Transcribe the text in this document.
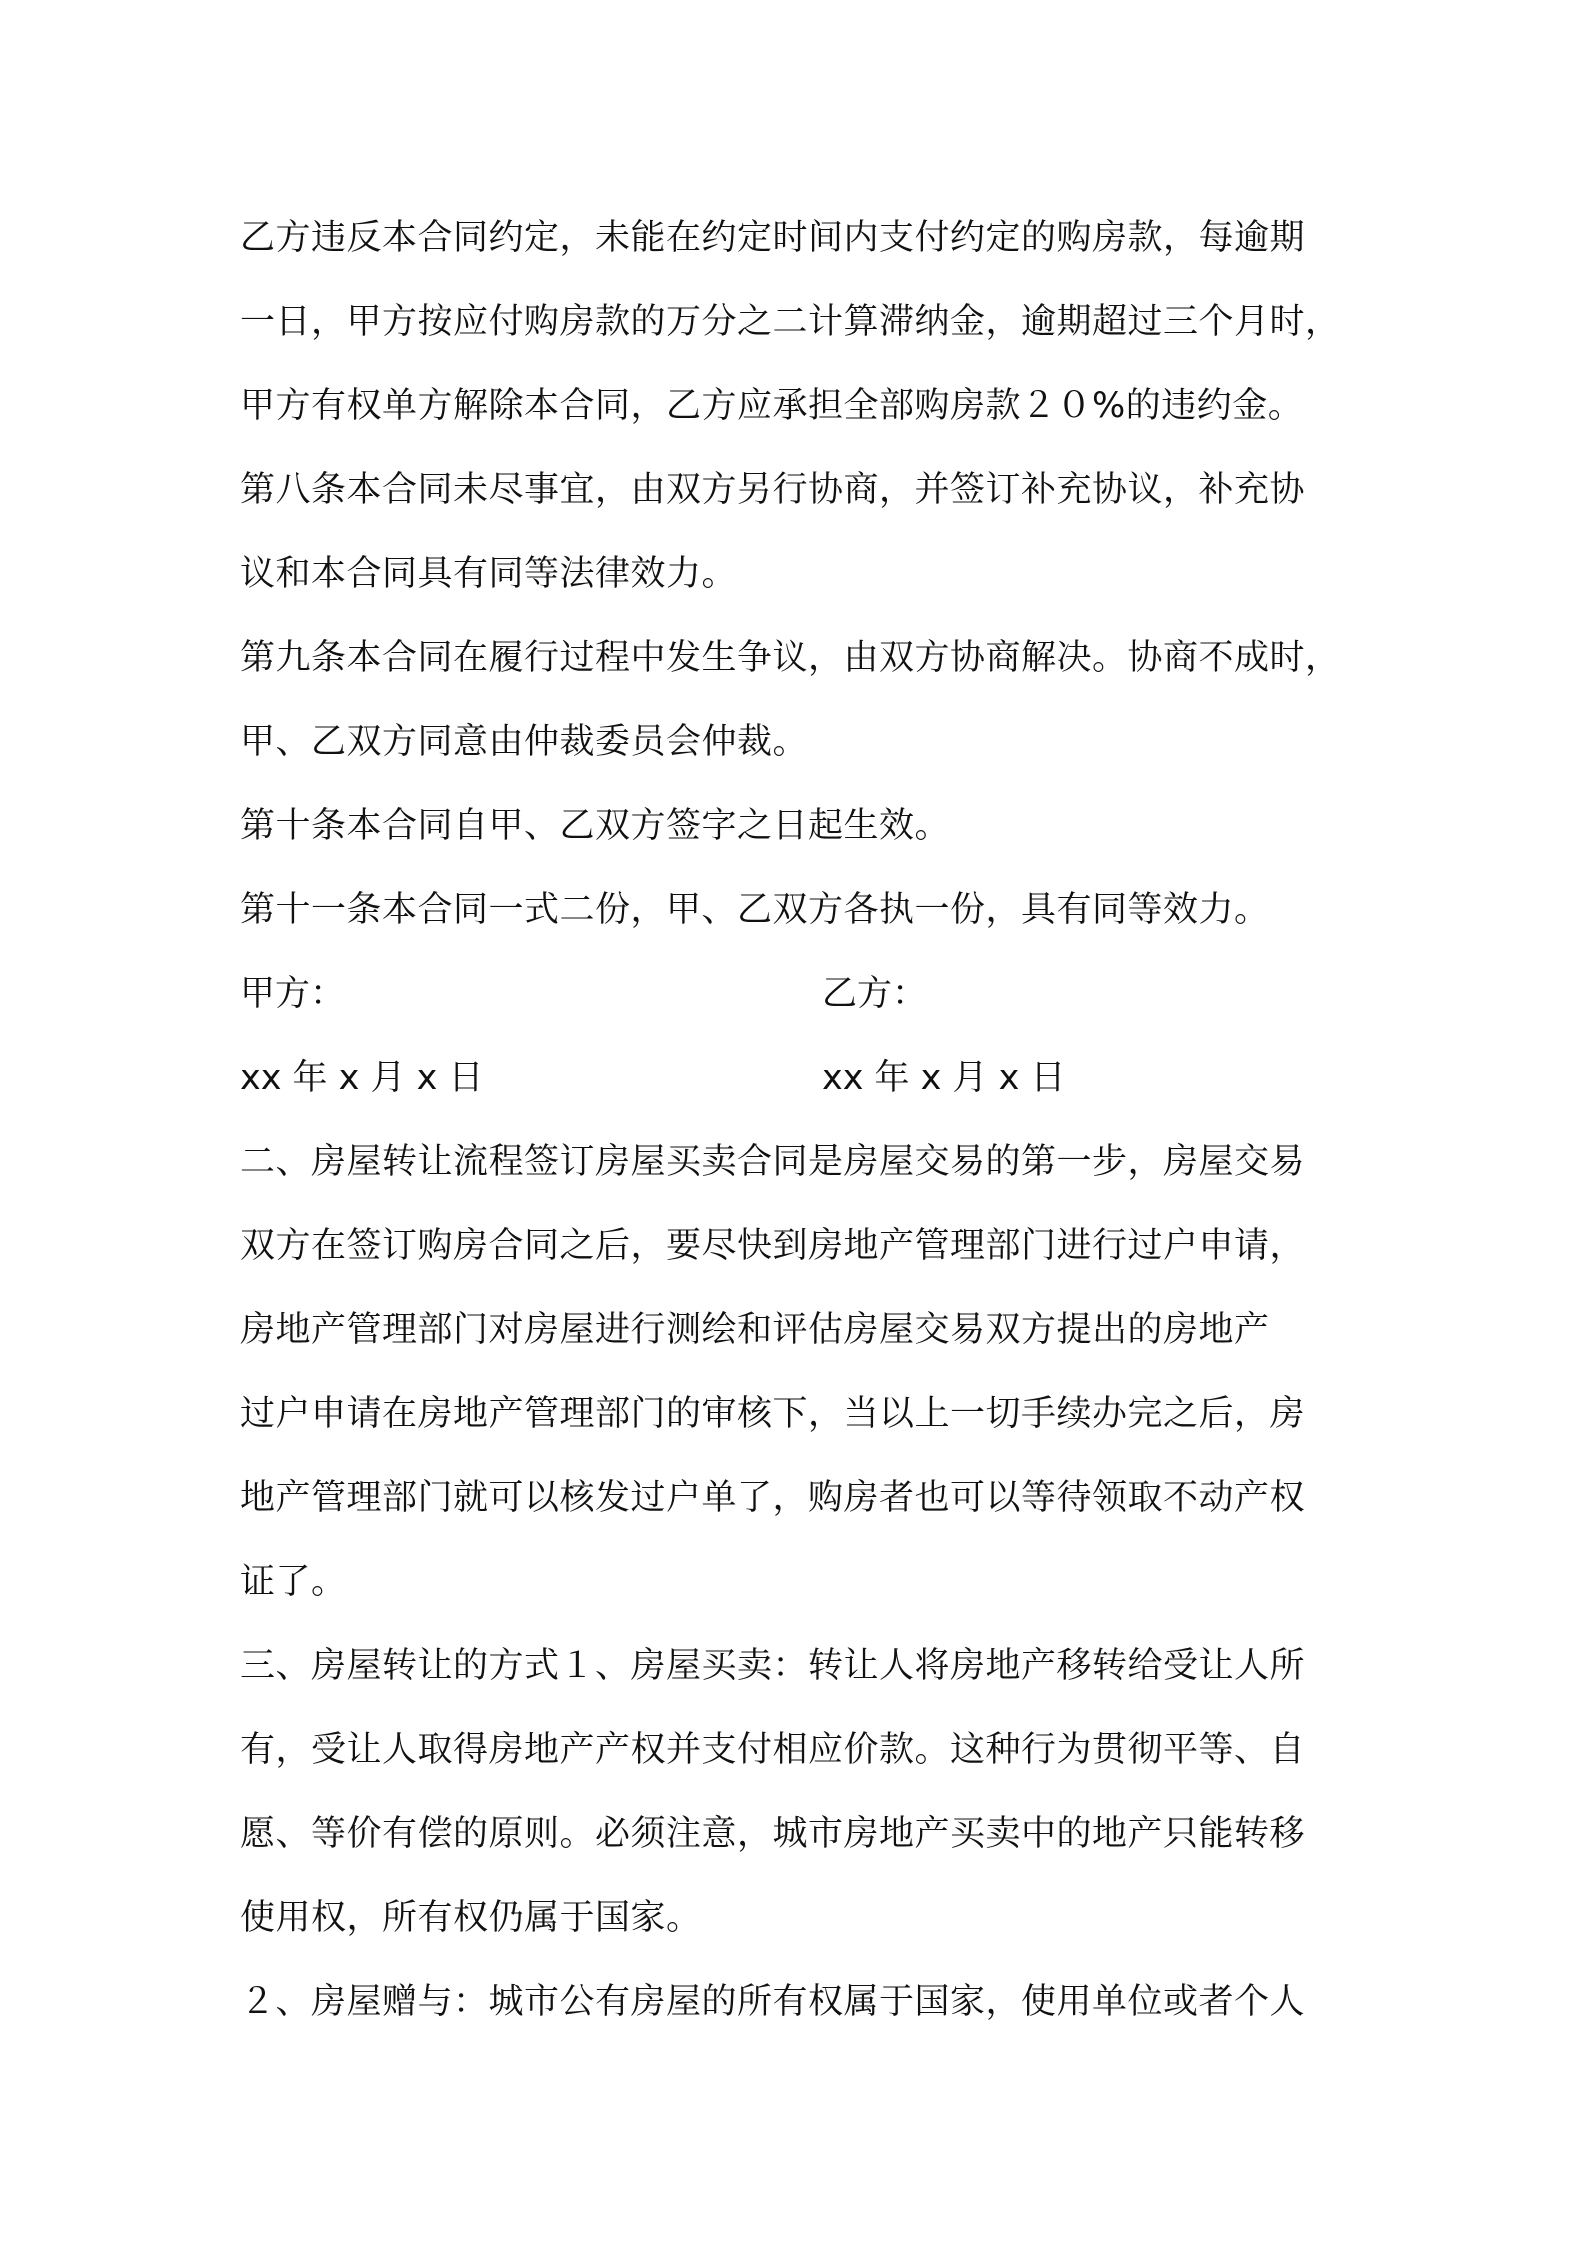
乙方违反本合同约定，未能在约定时间内支付约定的购房款，每逾期
一日，甲方按应付购房款的万分之二计算滞纳金，逾期超过三个月时，
甲方有权单方解除本合同，乙方应承担全部购房款２０%的违约金。
第八条本合同未尽事宜，由双方另行协商，并签订补充协议，补充协
议和本合同具有同等法律效力。
第九条本合同在履行过程中发生争议，由双方协商解决。协商不成时，
甲、乙双方同意由仲裁委员会仲裁。
第十条本合同自甲、乙双方签字之日起生效。
第十一条本合同一式二份，甲、乙双方各执一份，具有同等效力。
甲方：	乙方：
xx 年 x 月 x 日	xx 年 x 月 x 日
二、房屋转让流程签订房屋买卖合同是房屋交易的第一步，房屋交易
双方在签订购房合同之后，要尽快到房地产管理部门进行过户申请，
房地产管理部门对房屋进行测绘和评估房屋交易双方提出的房地产
过户申请在房地产管理部门的审核下，当以上一切手续办完之后，房
地产管理部门就可以核发过户单了，购房者也可以等待领取不动产权
证了。
三、房屋转让的方式１、房屋买卖：转让人将房地产移转给受让人所
有，受让人取得房地产产权并支付相应价款。这种行为贯彻平等、自
愿、等价有偿的原则。必须注意，城市房地产买卖中的地产只能转移
使用权，所有权仍属于国家。
２、房屋赠与：城市公有房屋的所有权属于国家，使用单位或者个人
